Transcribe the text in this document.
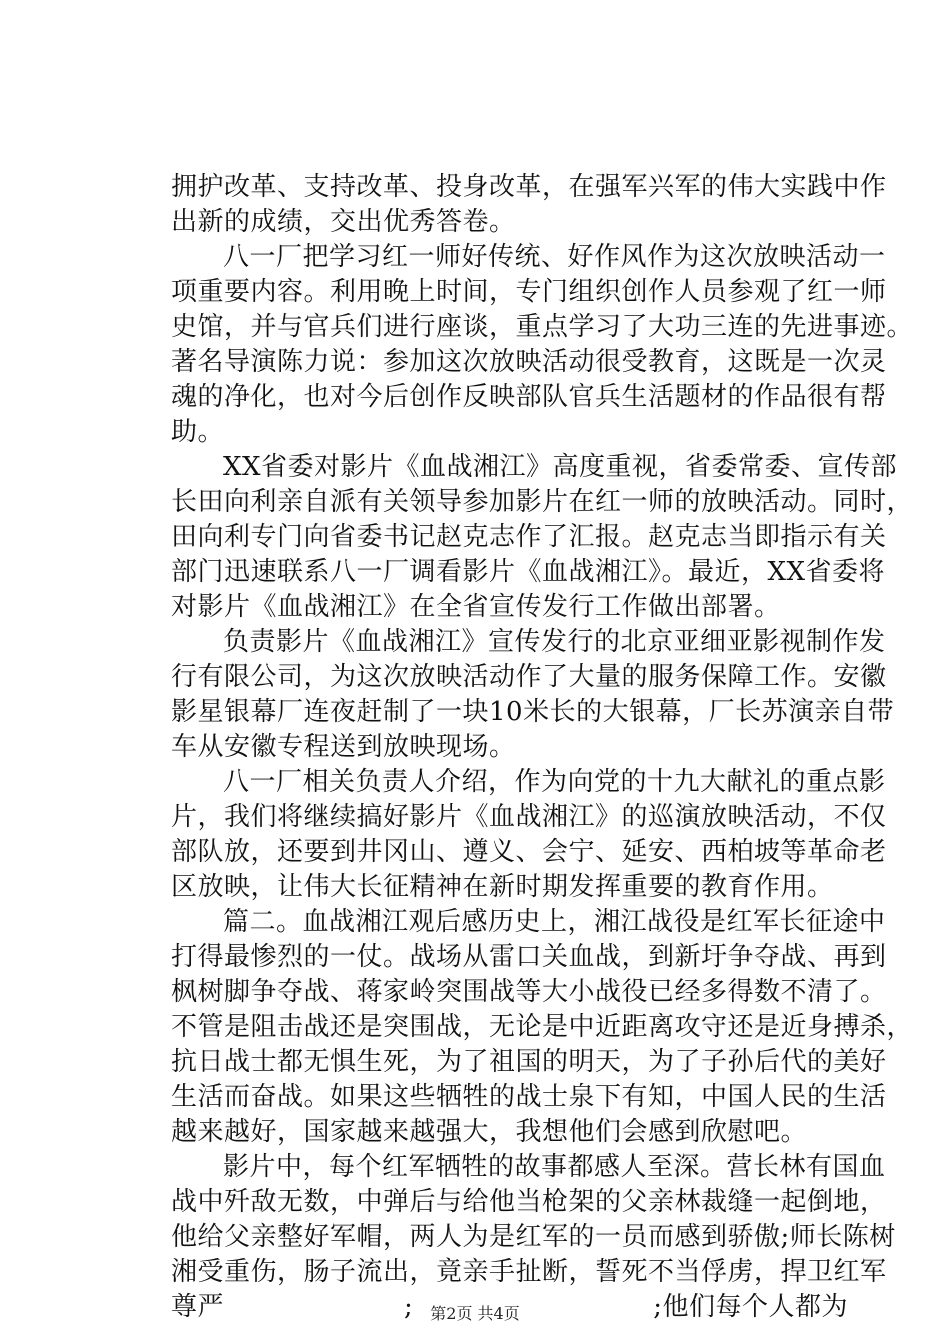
拥护改革、支持改革、投身改革，在强军兴军的伟大实践中作
出新的成绩，交出优秀答卷。
八一厂把学习红一师好传统、好作风作为这次放映活动一
项重要内容。利用晚上时间，专门组织创作人员参观了红一师
史馆，并与官兵们进行座谈，重点学习了大功三连的先进事迹。
著名导演陈力说：参加这次放映活动很受教育，这既是一次灵
魂的净化，也对今后创作反映部队官兵生活题材的作品很有帮
助。
XX省委对影片《血战湘江》高度重视，省委常委、宣传部
长田向利亲自派有关领导参加影片在红一师的放映活动。同时，
田向利专门向省委书记赵克志作了汇报。赵克志当即指示有关
部门迅速联系八一厂调看影片《血战湘江》。最近，XX省委将
对影片《血战湘江》在全省宣传发行工作做出部署。
负责影片《血战湘江》宣传发行的北京亚细亚影视制作发
行有限公司，为这次放映活动作了大量的服务保障工作。安徽
影星银幕厂连夜赶制了一块10米长的大银幕，厂长苏演亲自带
车从安徽专程送到放映现场。
八一厂相关负责人介绍，作为向党的十九大献礼的重点影
片，我们将继续搞好影片《血战湘江》的巡演放映活动，不仅
部队放，还要到井冈山、遵义、会宁、延安、西柏坡等革命老
区放映，让伟大长征精神在新时期发挥重要的教育作用。
篇二。血战湘江观后感历史上，湘江战役是红军长征途中
打得最惨烈的一仗。战场从雷口关血战，到新圩争夺战、再到
枫树脚争夺战、蒋家岭突围战等大小战役已经多得数不清了。
不管是阻击战还是突围战，无论是中近距离攻守还是近身搏杀，
抗日战士都无惧生死，为了祖国的明天，为了子孙后代的美好
生活而奋战。如果这些牺牲的战士泉下有知，中国人民的生活
越来越好，国家越来越强大，我想他们会感到欣慰吧。
影片中，每个红军牺牲的故事都感人至深。营长林有国血
战中歼敌无数，中弹后与给他当枪架的父亲林裁缝一起倒地，
他给父亲整好军帽，两人为是红军的一员而感到骄傲;师长陈树
湘受重伤，肠子流出，竟亲手扯断，誓死不当俘虏，捍卫红军
尊严	;	;他们每个人都为
第2页 共4页
